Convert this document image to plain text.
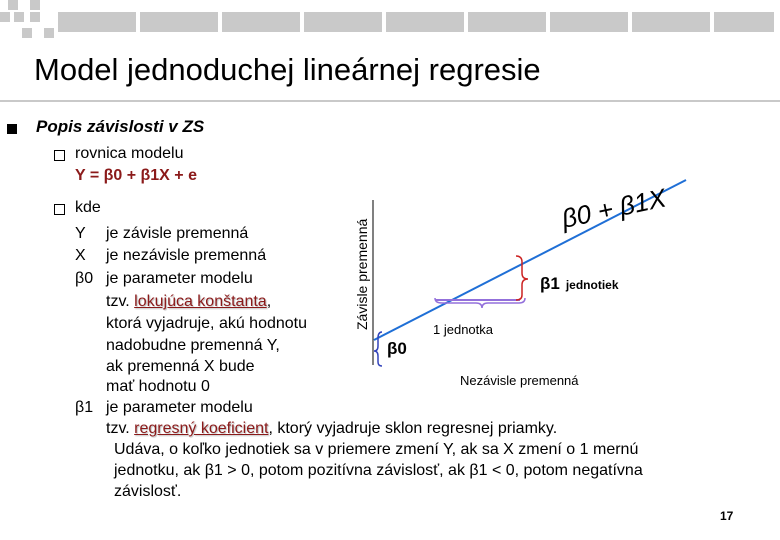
Model jednoduchej lineárnej regresie
Popis závislosti v ZS
rovnica modelu
Y = β0 + β1X + e
kde
Y je závisle premenná
X je nezávisle premenná
β0 je parameter modelu
tzv. lokujúca konštanta,
ktorá vyjadruje, akú hodnotu
nadobudne premenná Y,
ak premenná X bude
mať hodnotu 0
β1 je parameter modelu
tzv. regresný koeficient, ktorý vyjadruje sklon regresnej priamky.
Udáva, o koľko jednotiek sa v priemere zmení Y, ak sa X zmení o 1 mernú
jednotku, ak β1 > 0, potom pozitívna závislosť, ak β1 < 0, potom negatívna
závislosť.
Závisle premenná
β0 + β1X
β0
1 jednotka
β1 jednotiek
Nezávisle premenná
17
